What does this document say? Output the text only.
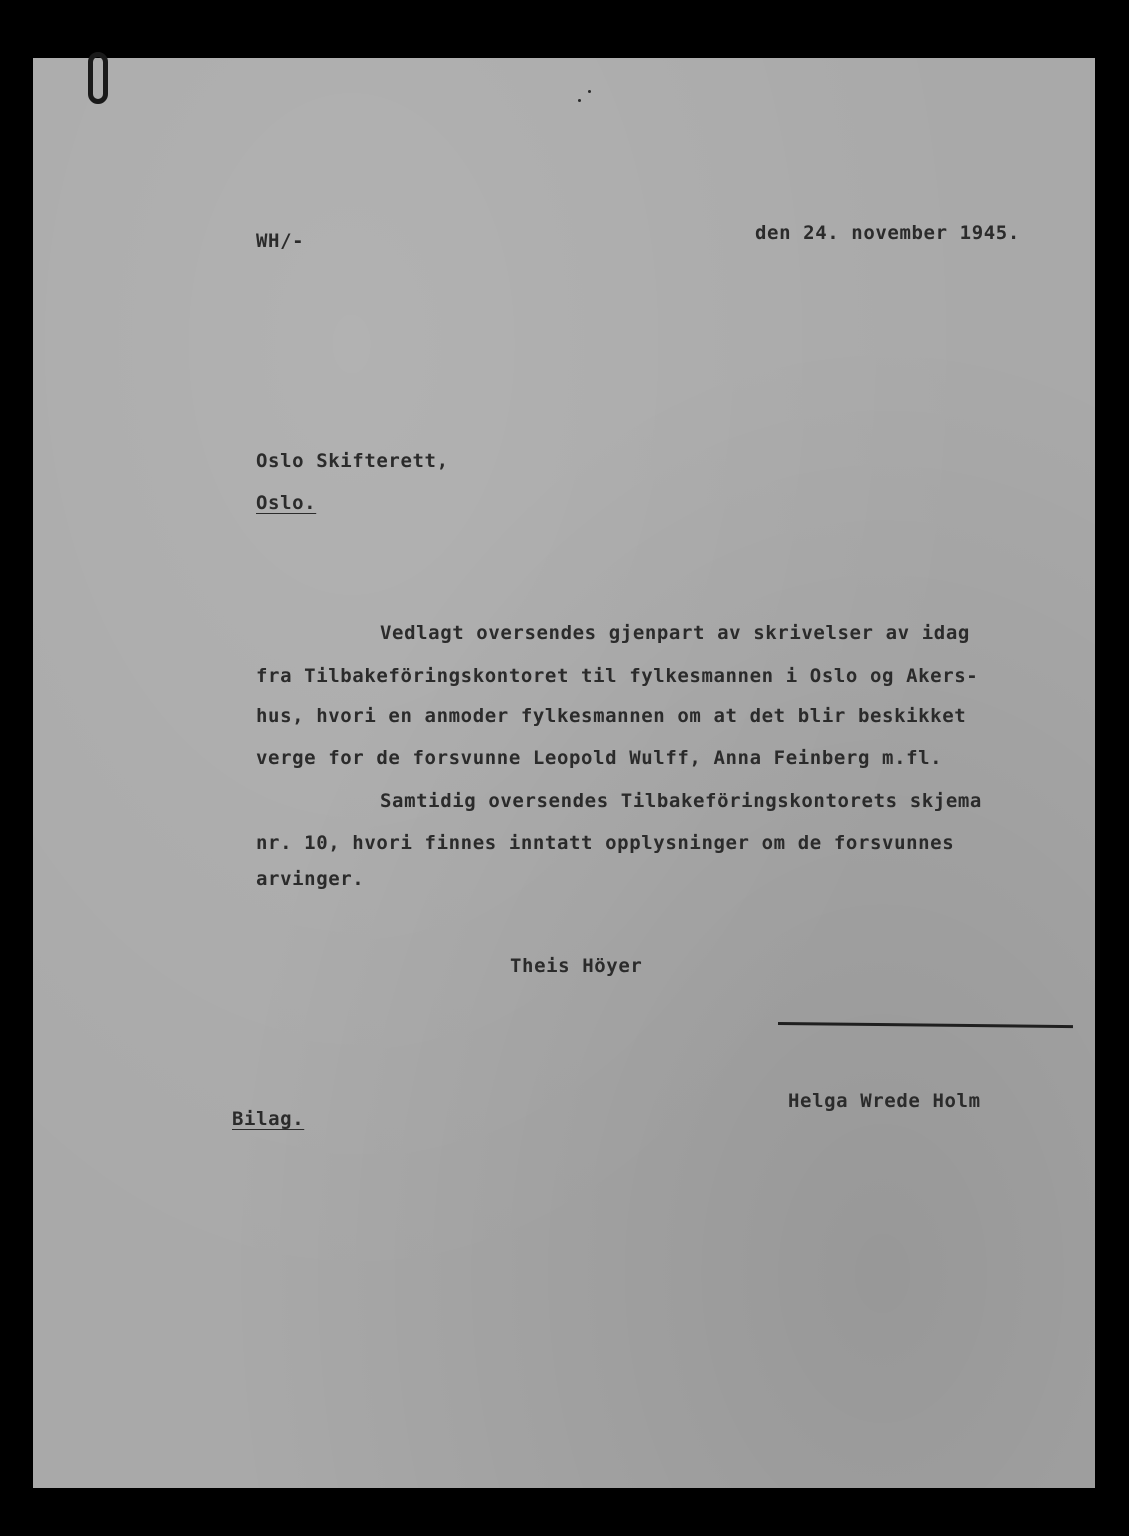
WH/-	den 24. november 1945.
Oslo Skifterett,
Oslo.
Vedlagt oversendes gjenpart av skrivelser av idag
fra Tilbakeföringskontoret til fylkesmannen i Oslo og Akers-
hus, hvori en anmoder fylkesmannen om at det blir beskikket
verge for de forsvunne Leopold Wulff, Anna Feinberg m.fl.
Samtidig oversendes Tilbakeföringskontorets skjema
nr. 10, hvori finnes inntatt opplysninger om de forsvunnes
arvinger.
Theis Höyer
Helga Wrede Holm
Bilag.
